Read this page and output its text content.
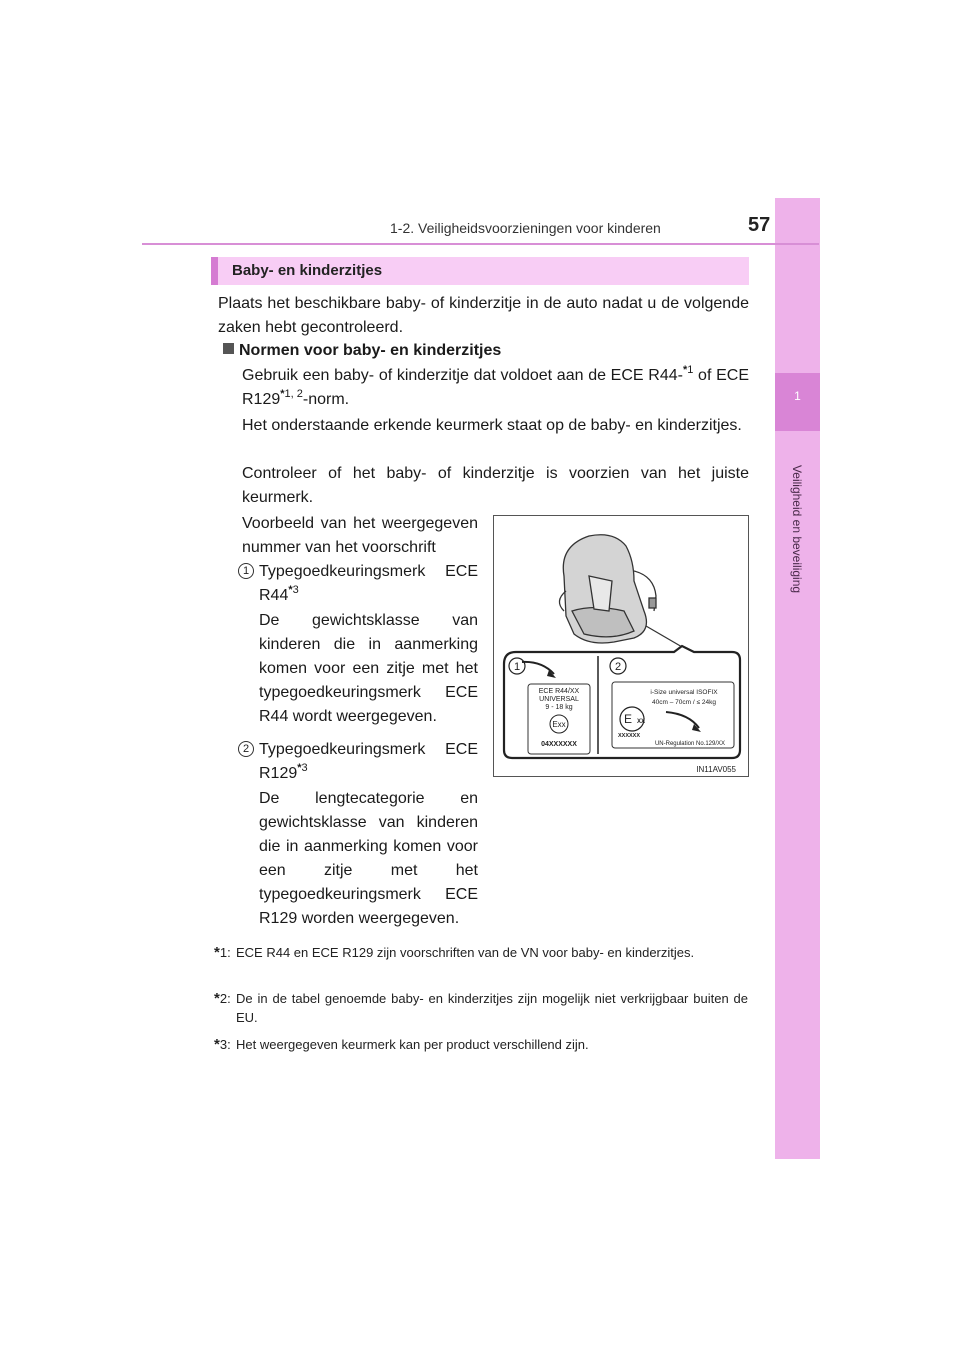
1
Veiligheid en beveiliging
1-2. Veiligheidsvoorzieningen voor kinderen	57
Baby- en kinderzitjes
Plaats het beschikbare baby- of kinderzitje in de auto nadat u de volgende zaken hebt gecontroleerd.
Normen voor baby- en kinderzitjes
Gebruik een baby- of kinderzitje dat voldoet aan de ECE R44-$^{*1}$ of ECE R129$^{*1, 2}$-norm.
Het onderstaande erkende keurmerk staat op de baby- en kinderzitjes.
Controleer of het baby- of kinderzitje is voorzien van het juiste keurmerk.
Voorbeeld van het weergegeven nummer van het voorschrift
1 Typegoedkeuringsmerk ECE R44$^{*3}$
De gewichtsklasse van kinderen die in aanmerking komen voor een zitje met het typegoedkeuringsmerk ECE R44 wordt weergegeven.
2 Typegoedkeuringsmerk ECE R129$^{*3}$
De lengtecategorie en gewichtsklasse van kinderen die in aanmerking komen voor een zitje met het typegoedkeuringsmerk ECE R129 worden weergegeven.
1	2
ECE R44/XX
UNIVERSAL
9 - 18 kg
Exx
04XXXXXX
i-Size universal ISOFIX
40cm – 70cm / ≤ 24kg
E XX
XXXXXX
UN-Regulation No.129/XX
IN11AV055
*1: ECE R44 en ECE R129 zijn voorschriften van de VN voor baby- en kinderzitjes.
*2: De in de tabel genoemde baby- en kinderzitjes zijn mogelijk niet verkrijgbaar buiten de EU.
*3: Het weergegeven keurmerk kan per product verschillend zijn.
